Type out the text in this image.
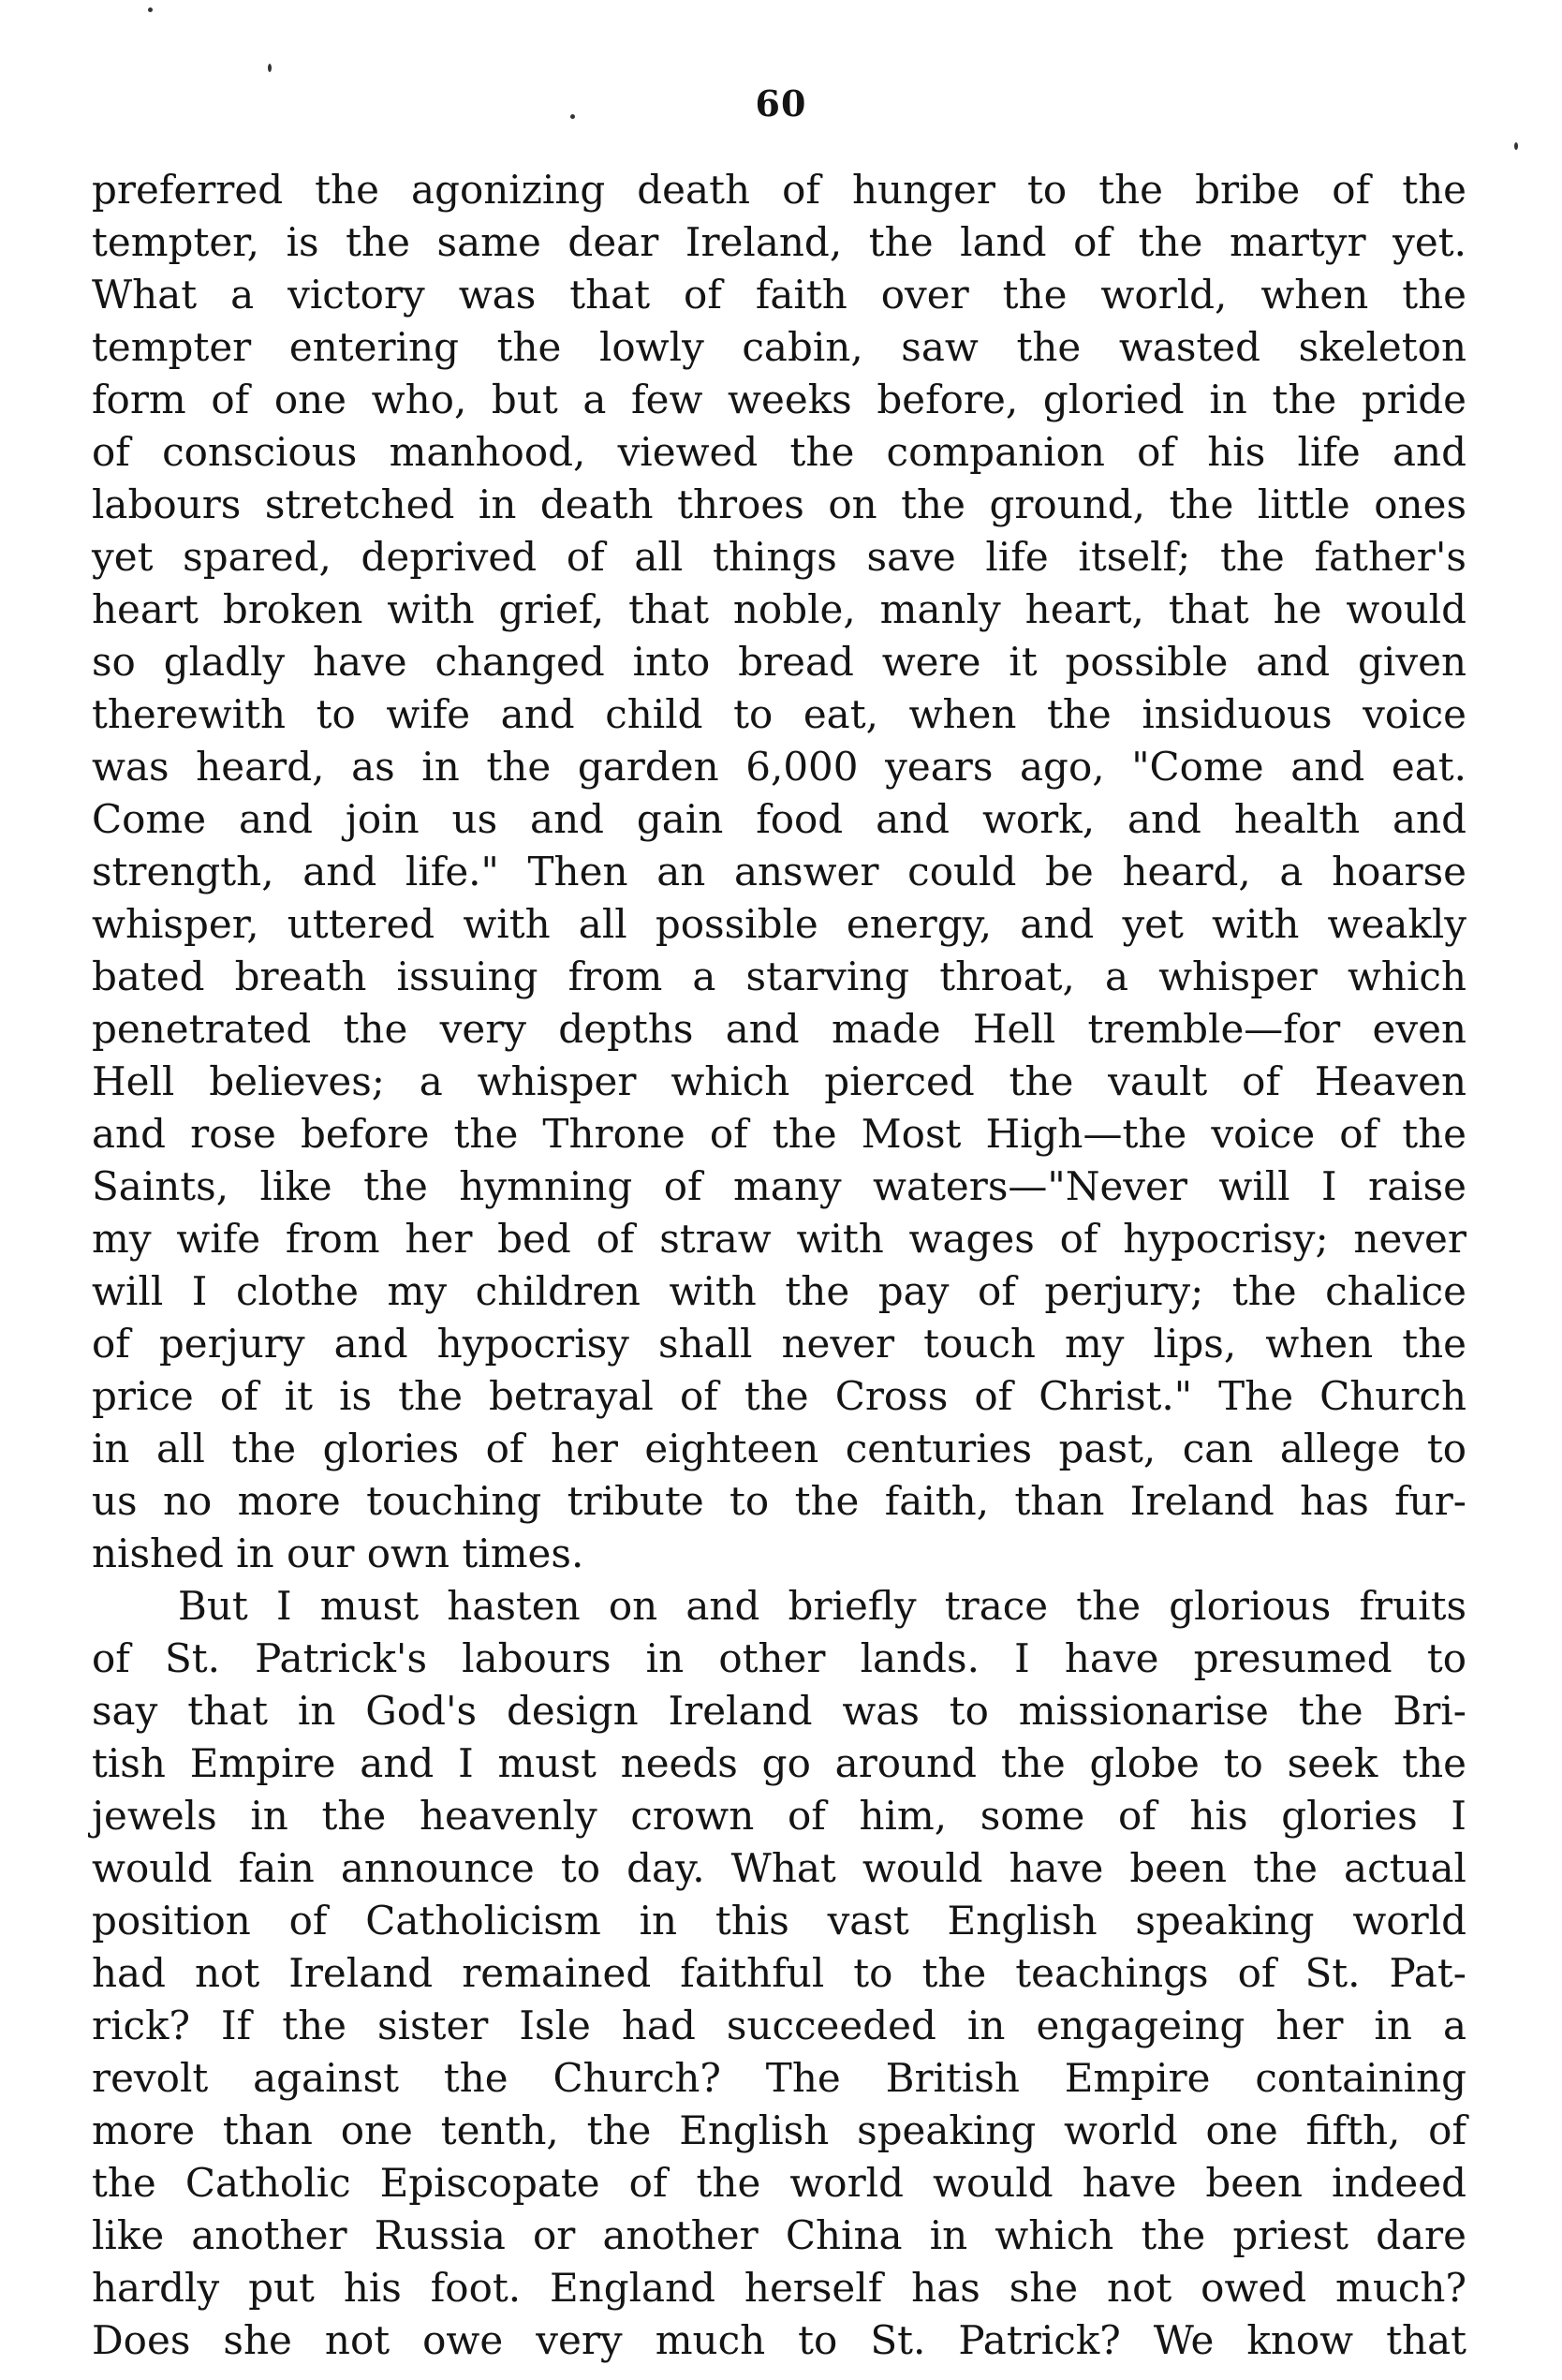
60
preferred the agonizing death of hunger to the bribe of the
tempter, is the same dear Ireland, the land of the martyr yet.
What a victory was that of faith over the world, when the
tempter entering the lowly cabin, saw the wasted skeleton
form of one who, but a few weeks before, gloried in the pride
of conscious manhood, viewed the companion of his life and
labours stretched in death throes on the ground, the little ones
yet spared, deprived of all things save life itself; the father's
heart broken with grief, that noble, manly heart, that he would
so gladly have changed into bread were it possible and given
therewith to wife and child to eat, when the insiduous voice
was heard, as in the garden 6,000 years ago, "Come and eat.
Come and join us and gain food and work, and health and
strength, and life." Then an answer could be heard, a hoarse
whisper, uttered with all possible energy, and yet with weakly
bated breath issuing from a starving throat, a whisper which
penetrated the very depths and made Hell tremble—for even
Hell believes; a whisper which pierced the vault of Heaven
and rose before the Throne of the Most High—the voice of the
Saints, like the hymning of many waters—"Never will I raise
my wife from her bed of straw with wages of hypocrisy; never
will I clothe my children with the pay of perjury; the chalice
of perjury and hypocrisy shall never touch my lips, when the
price of it is the betrayal of the Cross of Christ." The Church
in all the glories of her eighteen centuries past, can allege to
us no more touching tribute to the faith, than Ireland has fur-
nished in our own times.
But I must hasten on and briefly trace the glorious fruits
of St. Patrick's labours in other lands. I have presumed to
say that in God's design Ireland was to missionarise the Bri-
tish Empire and I must needs go around the globe to seek the
jewels in the heavenly crown of him, some of his glories I
would fain announce to day. What would have been the actual
position of Catholicism in this vast English speaking world
had not Ireland remained faithful to the teachings of St. Pat-
rick? If the sister Isle had succeeded in engageing her in a
revolt against the Church? The British Empire containing
more than one tenth, the English speaking world one fifth, of
the Catholic Episcopate of the world would have been indeed
like another Russia or another China in which the priest dare
hardly put his foot. England herself has she not owed much?
Does she not owe very much to St. Patrick? We know that
